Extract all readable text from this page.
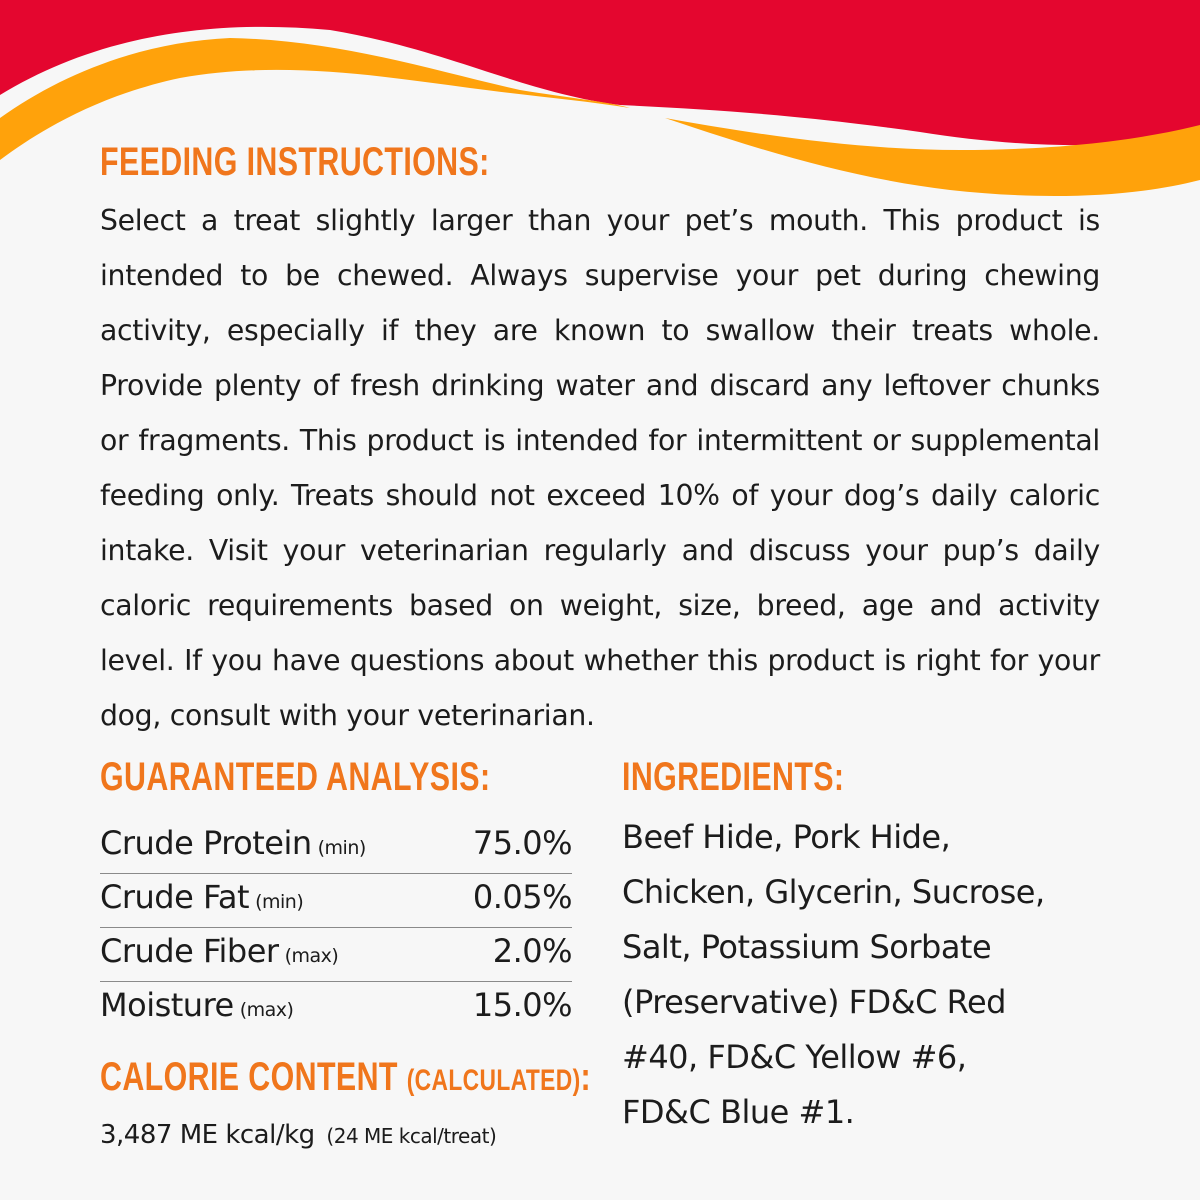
FEEDING INSTRUCTIONS:

Select a treat slightly larger than your pet’s mouth. This product is intended to be chewed. Always supervise your pet during chewing activity, especially if they are known to swallow their treats whole. Provide plenty of fresh drinking water and discard any leftover chunks or fragments. This product is intended for intermittent or supplemental feeding only. Treats should not exceed 10% of your dog’s daily caloric intake. Visit your veterinarian regularly and discuss your pup’s daily caloric requirements based on weight, size, breed, age and activity level. If you have questions about whether this product is right for your dog, consult with your veterinarian.

GUARANTEED ANALYSIS:
Crude Protein (min)	75.0%
Crude Fat (min)	0.05%
Crude Fiber (max)	2.0%
Moisture (max)	15.0%
CALORIE CONTENT (CALCULATED):
3,487 ME kcal/kg (24 ME kcal/treat)
INGREDIENTS:
Beef Hide, Pork Hide,
Chicken, Glycerin, Sucrose,
Salt, Potassium Sorbate
(Preservative) FD&C Red
#40, FD&C Yellow #6,
FD&C Blue #1.
